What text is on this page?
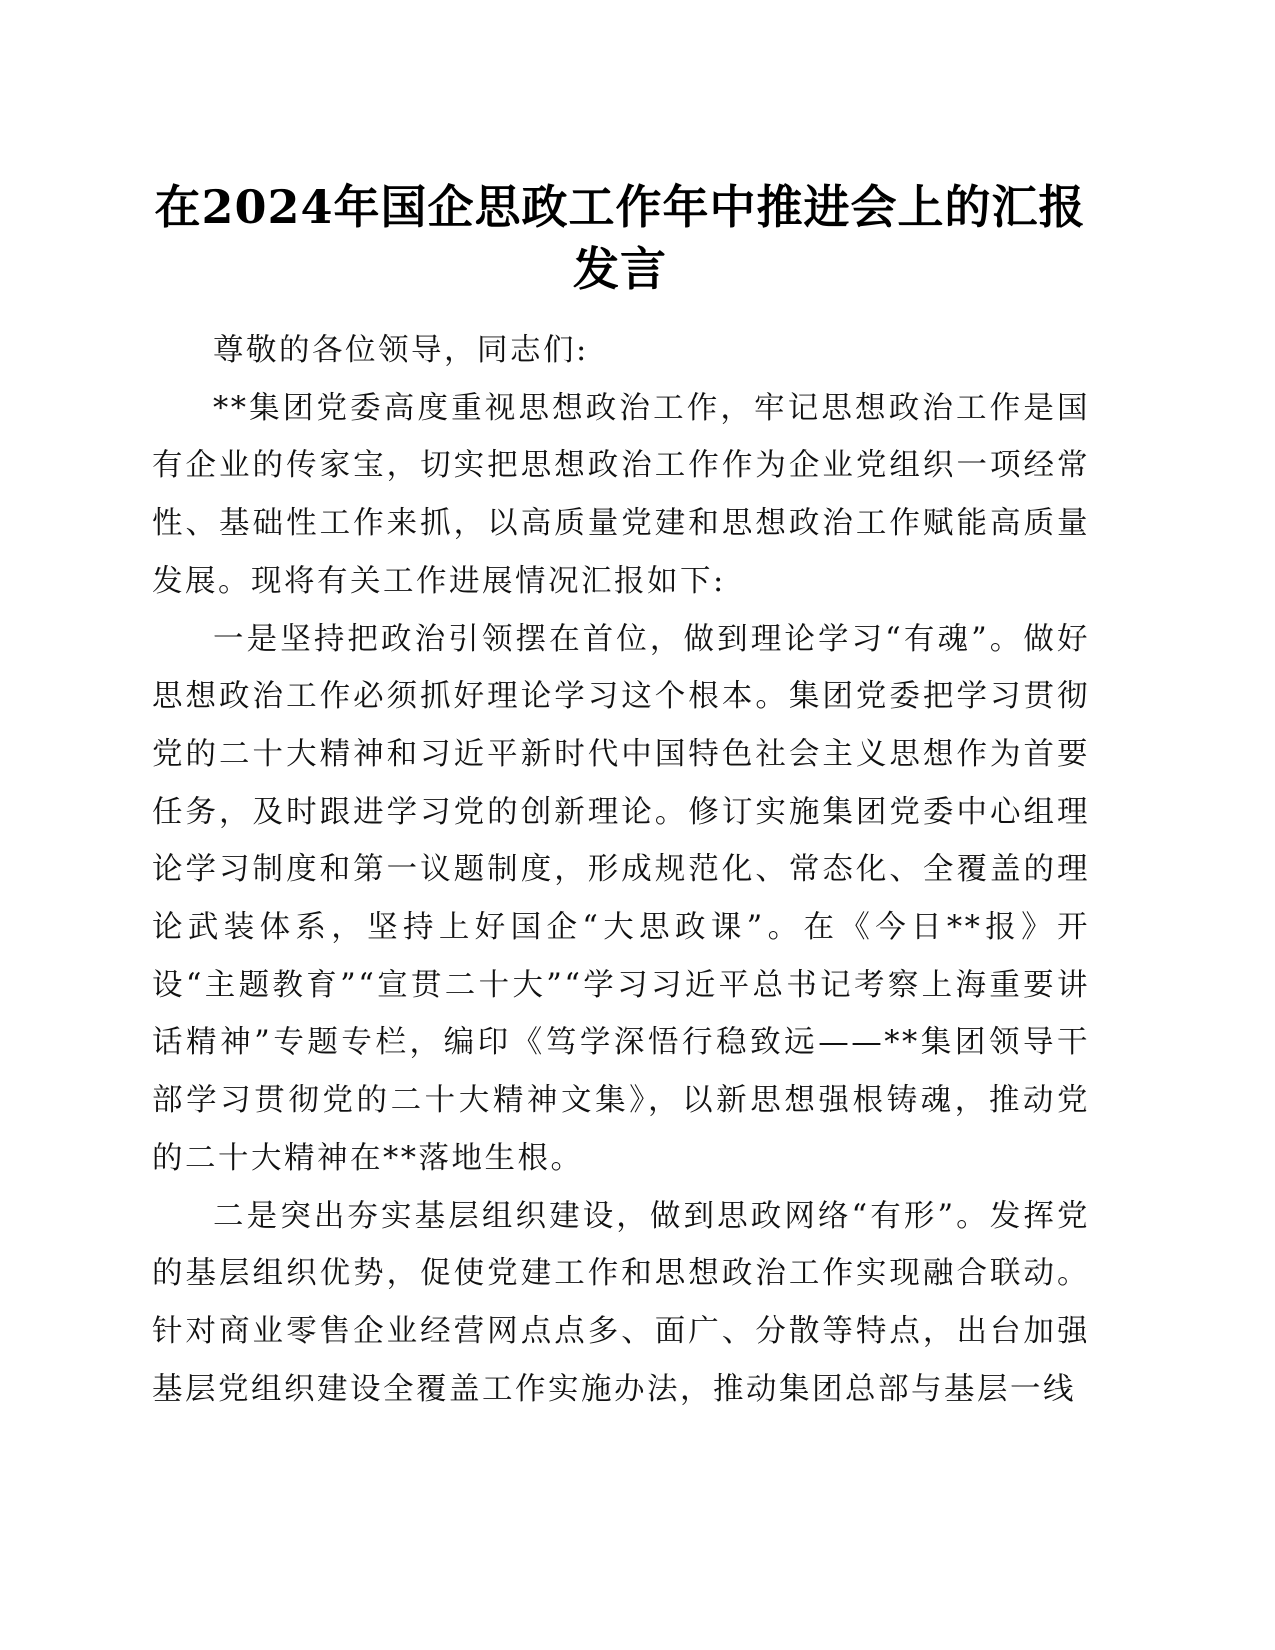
在2024年国企思政工作年中推进会上的汇报发言

尊敬的各位领导，同志们:

**集团党委高度重视思想政治工作，牢记思想政治工作是国有企业的传家宝，切实把思想政治工作作为企业党组织一项经常性、基础性工作来抓，以高质量党建和思想政治工作赋能高质量发展。现将有关工作进展情况汇报如下:

一是坚持把政治引领摆在首位，做到理论学习“有魂”。做好思想政治工作必须抓好理论学习这个根本。集团党委把学习贯彻党的二十大精神和习近平新时代中国特色社会主义思想作为首要任务，及时跟进学习党的创新理论。修订实施集团党委中心组理论学习制度和第一议题制度，形成规范化、常态化、全覆盖的理论武装体系，坚持上好国企“大思政课”。在《今日**报》开设“主题教育”“宣贯二十大”“学习习近平总书记考察上海重要讲话精神”专题专栏，编印《笃学深悟行稳致远——**集团领导干部学习贯彻党的二十大精神文集》，以新思想强根铸魂，推动党的二十大精神在**落地生根。

二是突出夯实基层组织建设，做到思政网络“有形”。发挥党的基层组织优势，促使党建工作和思想政治工作实现融合联动。针对商业零售企业经营网点点多、面广、分散等特点，出台加强基层党组织建设全覆盖工作实施办法，推动集团总部与基层一线
